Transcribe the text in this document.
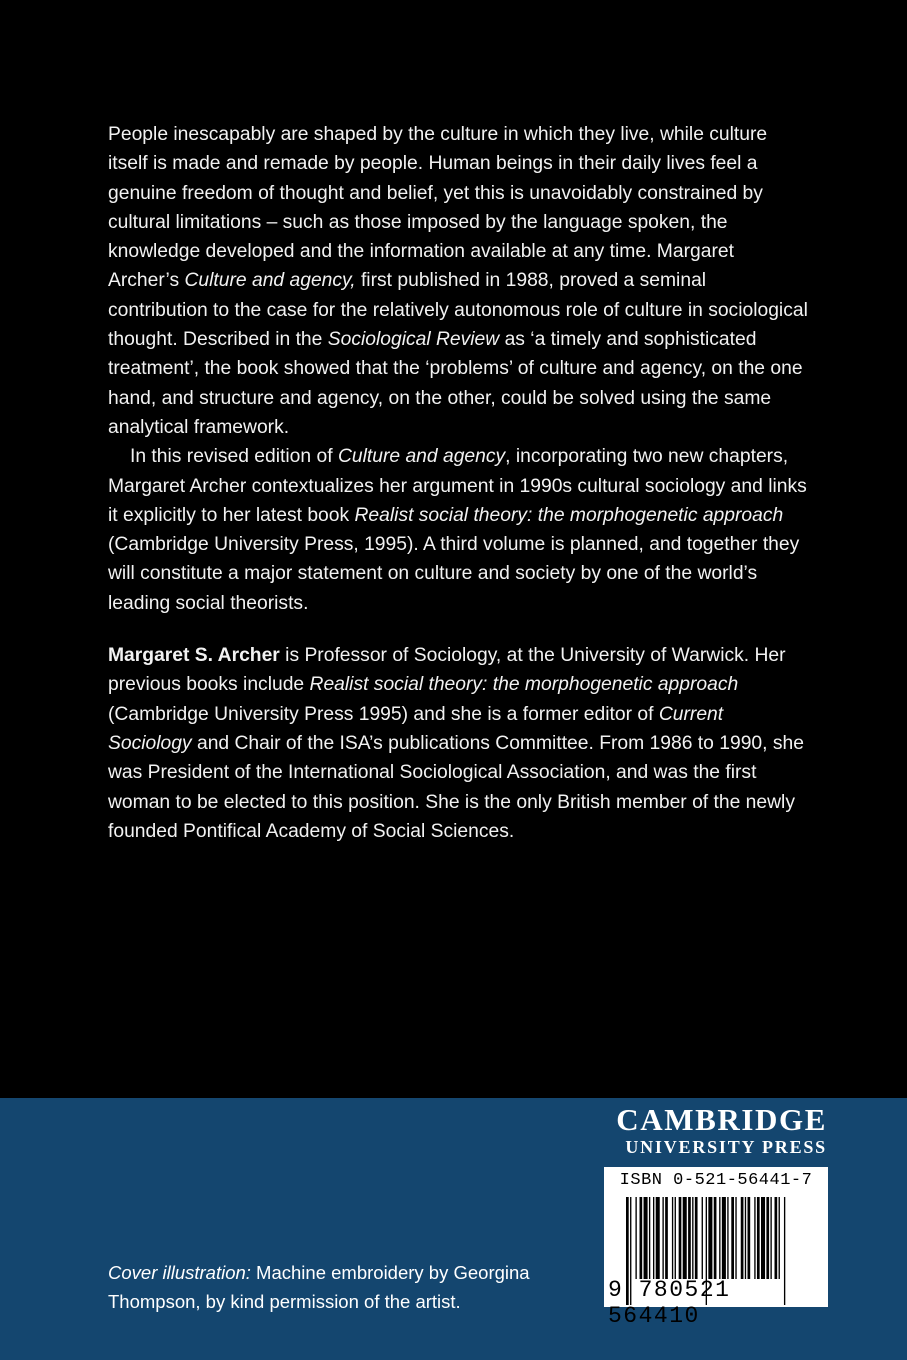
People inescapably are shaped by the culture in which they live, while culture itself is made and remade by people. Human beings in their daily lives feel a genuine freedom of thought and belief, yet this is unavoidably constrained by cultural limitations – such as those imposed by the language spoken, the knowledge developed and the information available at any time. Margaret Archer’s Culture and agency, first published in 1988, proved a seminal contribution to the case for the relatively autonomous role of culture in sociological thought. Described in the Sociological Review as ‘a timely and sophisticated treatment’, the book showed that the ‘problems’ of culture and agency, on the one hand, and structure and agency, on the other, could be solved using the same analytical framework.

In this revised edition of Culture and agency, incorporating two new chapters, Margaret Archer contextualizes her argument in 1990s cultural sociology and links it explicitly to her latest book Realist social theory: the morphogenetic approach (Cambridge University Press, 1995). A third volume is planned, and together they will constitute a major statement on culture and society by one of the world’s leading social theorists.

Margaret S. Archer is Professor of Sociology, at the University of Warwick. Her previous books include Realist social theory: the morphogenetic approach (Cambridge University Press 1995) and she is a former editor of Current Sociology and Chair of the ISA’s publications Committee. From 1986 to 1990, she was President of the International Sociological Association, and was the first woman to be elected to this position. She is the only British member of the newly founded Pontifical Academy of Social Sciences.

CAMBRIDGE
UNIVERSITY PRESS
ISBN 0-521-56441-7
9 780521 564410
Cover illustration: Machine embroidery by Georgina Thompson, by kind permission of the artist.
